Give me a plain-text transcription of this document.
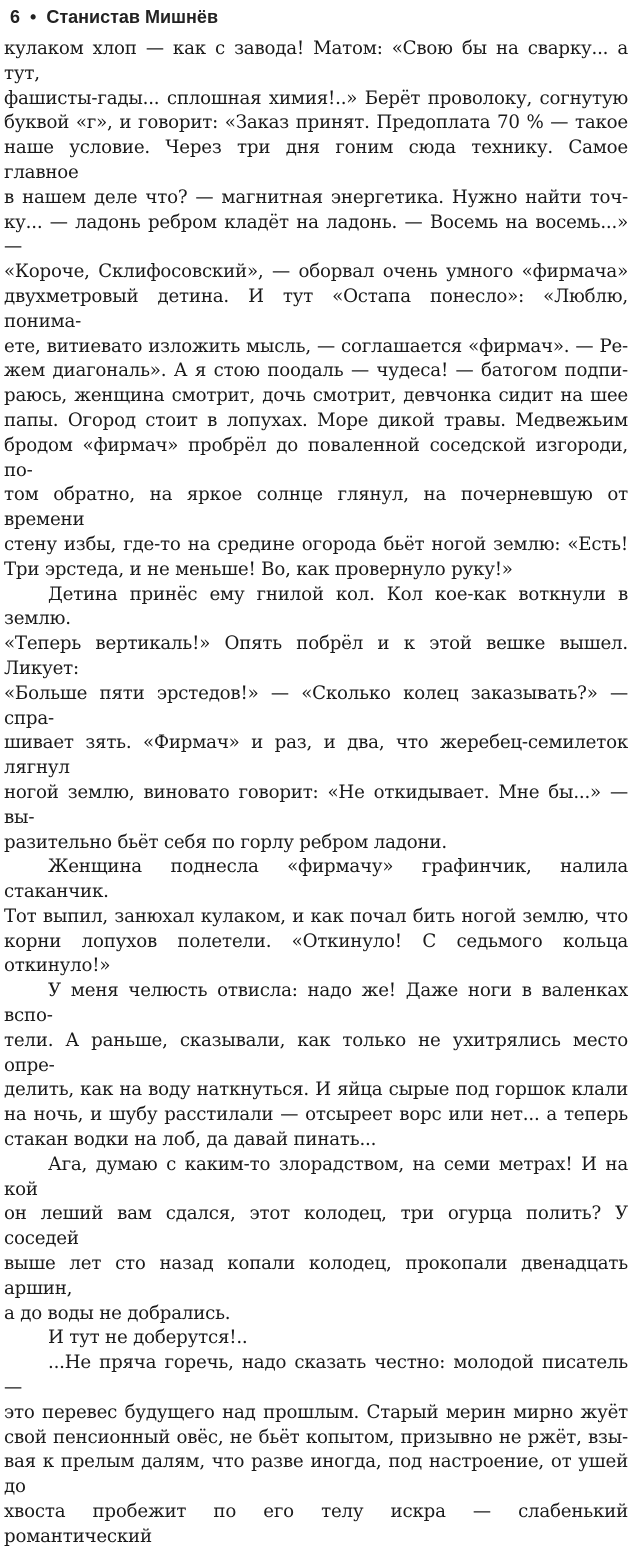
6 • Станистав Мишнёв

кулаком хлоп — как с завода! Матом: «Свою бы на сварку... а тут,

фашисты-гады... сплошная химия!..» Берёт проволоку, согнутую

буквой «г», и говорит: «Заказ принят. Предоплата 70 % — такое

наше условие. Через три дня гоним сюда технику. Самое главное

в нашем деле что? — магнитная энергетика. Нужно найти точ-

ку... — ладонь ребром кладёт на ладонь. — Восемь на восемь...» —

«Короче, Склифосовский», — оборвал очень умного «фирмача»

двухметровый детина. И тут «Остапа понесло»: «Люблю, понима-

ете, витиевато изложить мысль, — соглашается «фирмач». — Ре-

жем диагональ». А я стою поодаль — чудеса! — батогом подпи-

раюсь, женщина смотрит, дочь смотрит, девчонка сидит на шее

папы. Огород стоит в лопухах. Море дикой травы. Медвежьим

бродом «фирмач» пробрёл до поваленной соседской изгороди, по-

том обратно, на яркое солнце глянул, на почерневшую от времени

стену избы, где-то на средине огорода бьёт ногой землю: «Есть!

Три эрстеда, и не меньше! Во, как провернуло руку!»

Детина принёс ему гнилой кол. Кол кое-как воткнули в землю.

«Теперь вертикаль!» Опять побрёл и к этой вешке вышел. Ликует:

«Больше пяти эрстедов!» — «Сколько колец заказывать?» — спра-

шивает зять. «Фирмач» и раз, и два, что жеребец-семилеток лягнул

ногой землю, виновато говорит: «Не откидывает. Мне бы...» — вы-

разительно бьёт себя по горлу ребром ладони.

Женщина поднесла «фирмачу» графинчик, налила стаканчик.

Тот выпил, занюхал кулаком, и как почал бить ногой землю, что

корни лопухов полетели. «Откинуло! С седьмого кольца откинуло!»

У меня челюсть отвисла: надо же! Даже ноги в валенках вспо-

тели. А раньше, сказывали, как только не ухитрялись место опре-

делить, как на воду наткнуться. И яйца сырые под горшок клали

на ночь, и шубу расстилали — отсыреет ворс или нет... а теперь

стакан водки на лоб, да давай пинать...

Ага, думаю с каким-то злорадством, на семи метрах! И на кой

он леший вам сдался, этот колодец, три огурца полить? У соседей

выше лет сто назад копали колодец, прокопали двенадцать аршин,

а до воды не добрались.

И тут не доберутся!..

...Не пряча горечь, надо сказать честно: молодой писатель —

это перевес будущего над прошлым. Старый мерин мирно жуёт

свой пенсионный овёс, не бьёт копытом, призывно не ржёт, взы-

вая к прелым далям, что разве иногда, под настроение, от ушей до

хвоста пробежит по его телу искра — слабенький романтический
